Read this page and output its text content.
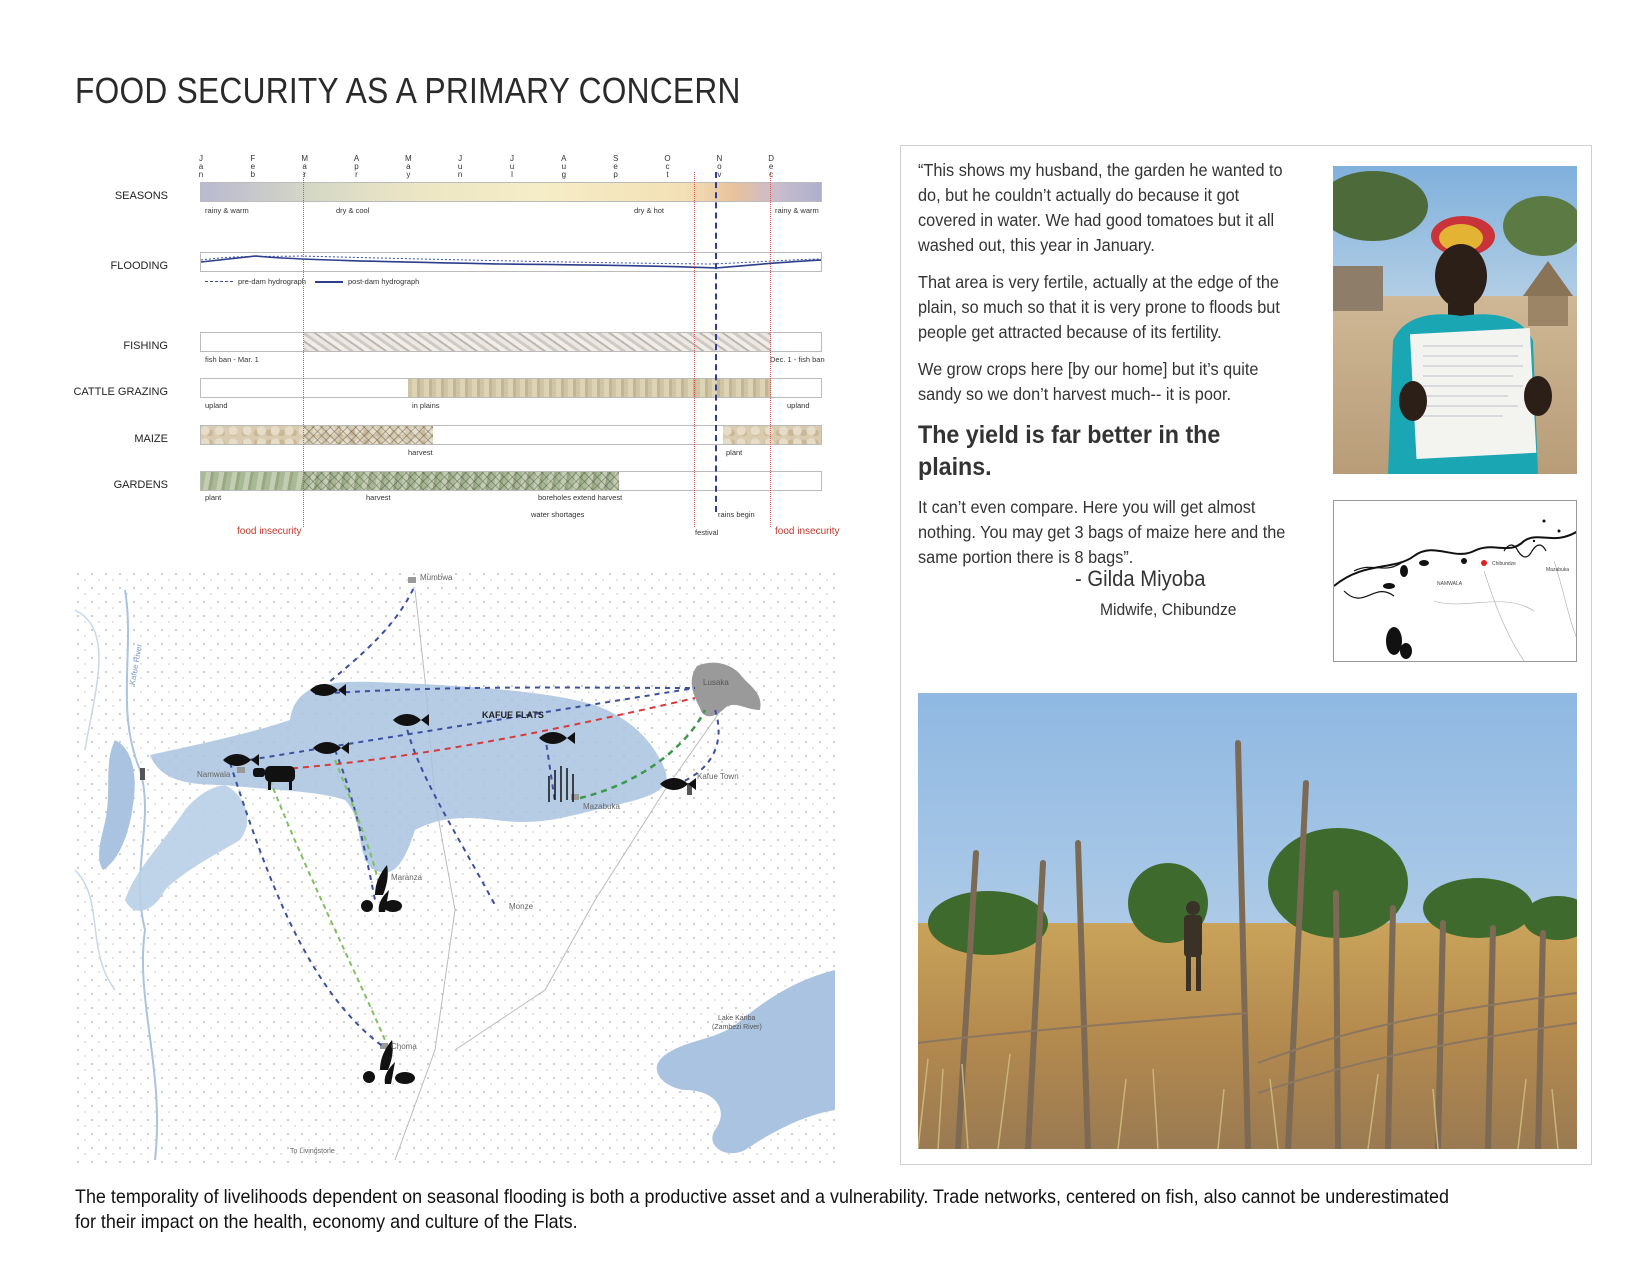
FOOD SECURITY AS A PRIMARY CONCERN
J
a
n
F
e
b
M
a
r
A
p
r
M
a
y
J
u
n
J
u
l
A
u
g
S
e
p
O
c
t
N
o
v
D
e
c
SEASONS
rainy & warm	dry & cool	dry & hot	rainy & warm
FLOODING
pre-dam hydrograph	post-dam hydrograph
FISHING
fish ban - Mar. 1	Dec. 1 - fish ban
CATTLE GRAZING
upland	in plains	upland
MAIZE
harvest	plant
GARDENS
plant	harvest	boreholes extend harvest
water shortages	rains begin
festival
food insecurity	food insecurity
Mumbwa
Lusaka
KAFUE FLATS
Kafue River
Namwala	Kafue Town
Mazabuka
Monze
Choma
Maranza
To Livingstone
Lake Kariba
(Zambezi River)

“This shows my husband, the garden he wanted to do, but he couldn’t actually do because it got covered in water. We had good tomatoes but it all washed out, this year in January.

That area is very fertile, actually at the edge of the plain, so much so that it is very prone to floods but people get attracted because of its fertility.

We grow crops here [by our home] but it’s quite sandy so we don’t harvest much-- it is poor.

The yield is far better in the plains.

It can’t even compare. Here you will get almost nothing. You may get 3 bags of maize here and the same portion there is 8 bags”.

- Gilda Miyoba
Midwife, Chibundze
NAMWALA
Chibundze
Mazabuka
The temporality of livelihoods dependent on seasonal flooding is both a productive asset and a vulnerability. Trade networks, centered on fish, also cannot be underestimated for their impact on the health, economy and culture of the Flats.
